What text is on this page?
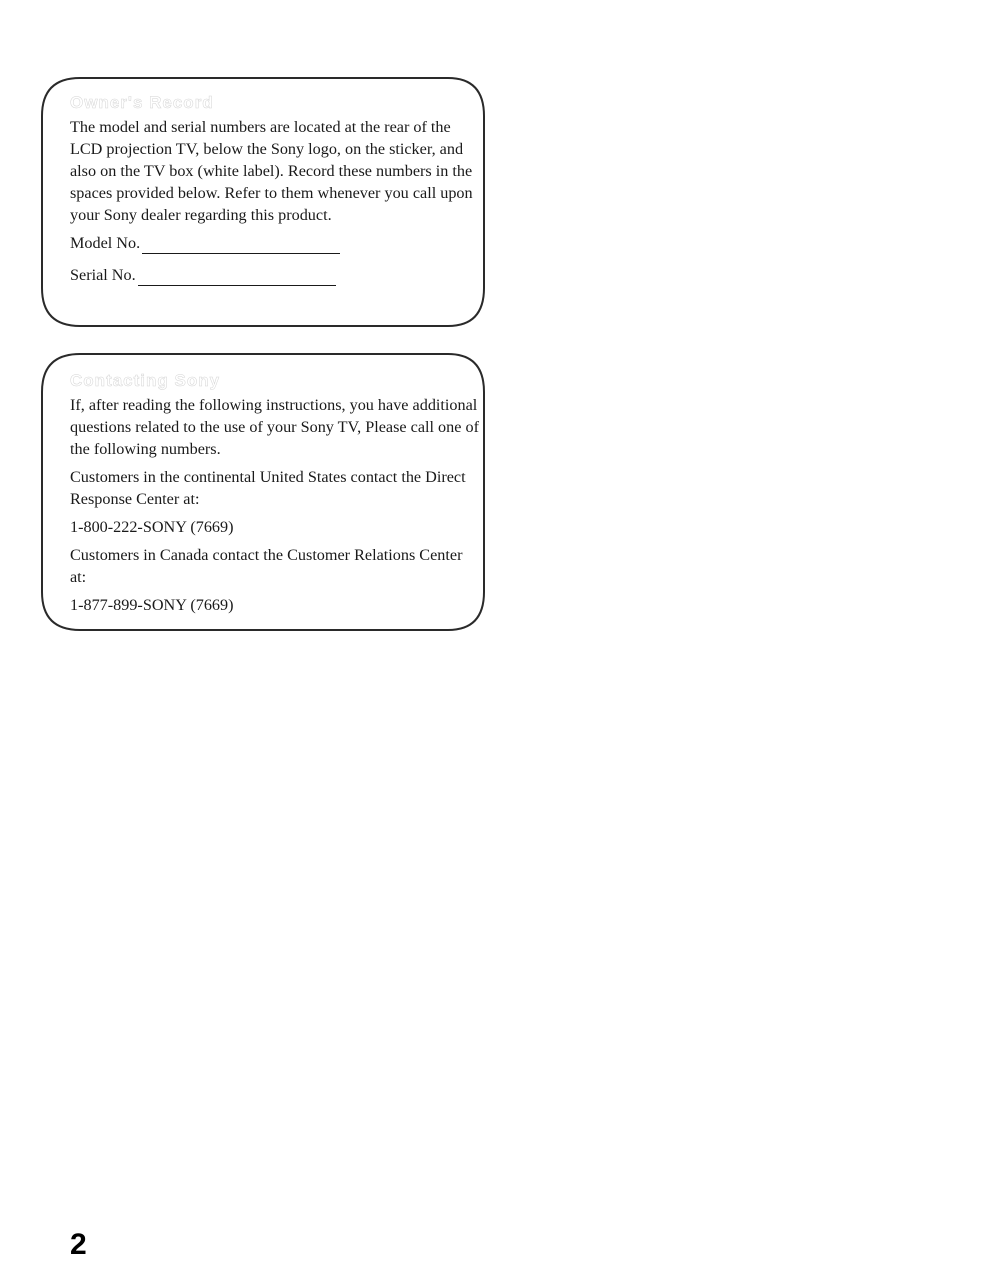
Owner's Record

The model and serial numbers are located at the rear of the LCD projection TV, below the Sony logo, on the sticker, and also on the TV box (white label). Record these numbers in the spaces provided below. Refer to them whenever you call upon your Sony dealer regarding this product.

Model No.
Serial No.
Contacting Sony

If, after reading the following instructions, you have additional questions related to the use of your Sony TV, Please call one of the following numbers.

Customers in the continental United States contact the Direct Response Center at:

1-800-222-SONY (7669)

Customers in Canada contact the Customer Relations Center at:

1-877-899-SONY (7669)

2
